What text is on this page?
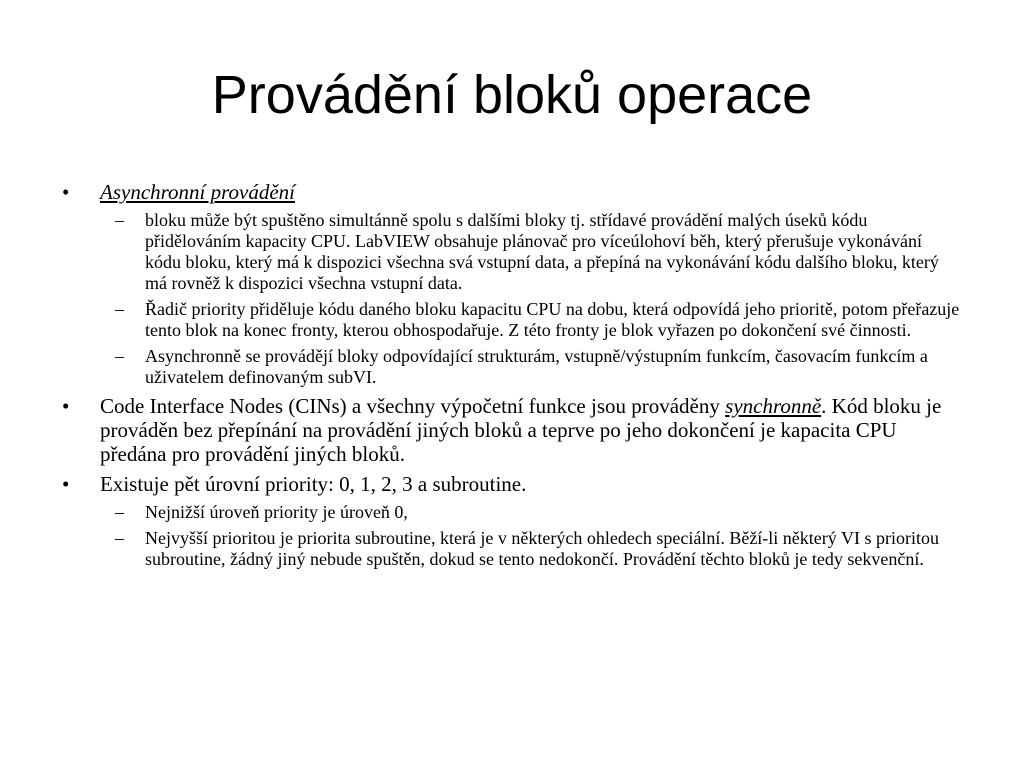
Provádění bloků operace
• Asynchronní provádění
– bloku může být spuštěno simultánně spolu s dalšími bloky tj. střídavé provádění malých úseků kódu přidělováním kapacity CPU. LabVIEW obsahuje plánovač pro víceúlohoví běh, který přerušuje vykonávání kódu bloku, který má k dispozici všechna svá vstupní data, a přepíná na vykonávání kódu dalšího bloku, který má rovněž k dispozici všechna vstupní data.
– Řadič priority přiděluje kódu daného bloku kapacitu CPU na dobu, která odpovídá jeho prioritě, potom přeřazuje tento blok na konec fronty, kterou obhospodařuje. Z této fronty je blok vyřazen po dokončení své činnosti.
– Asynchronně se provádějí bloky odpovídající strukturám, vstupně/výstupním funkcím, časovacím funkcím a uživatelem definovaným subVI.
• Code Interface Nodes (CINs) a všechny výpočetní funkce jsou prováděny synchronně. Kód bloku je prováděn bez přepínání na provádění jiných bloků a teprve po jeho dokončení je kapacita CPU předána pro provádění jiných bloků.
• Existuje pět úrovní priority: 0, 1, 2, 3 a subroutine.
– Nejnižší úroveň priority je úroveň 0,
– Nejvyšší prioritou je priorita subroutine, která je v některých ohledech speciální. Běží-li některý VI s prioritou subroutine, žádný jiný nebude spuštěn, dokud se tento nedokončí. Provádění těchto bloků je tedy sekvenční.
